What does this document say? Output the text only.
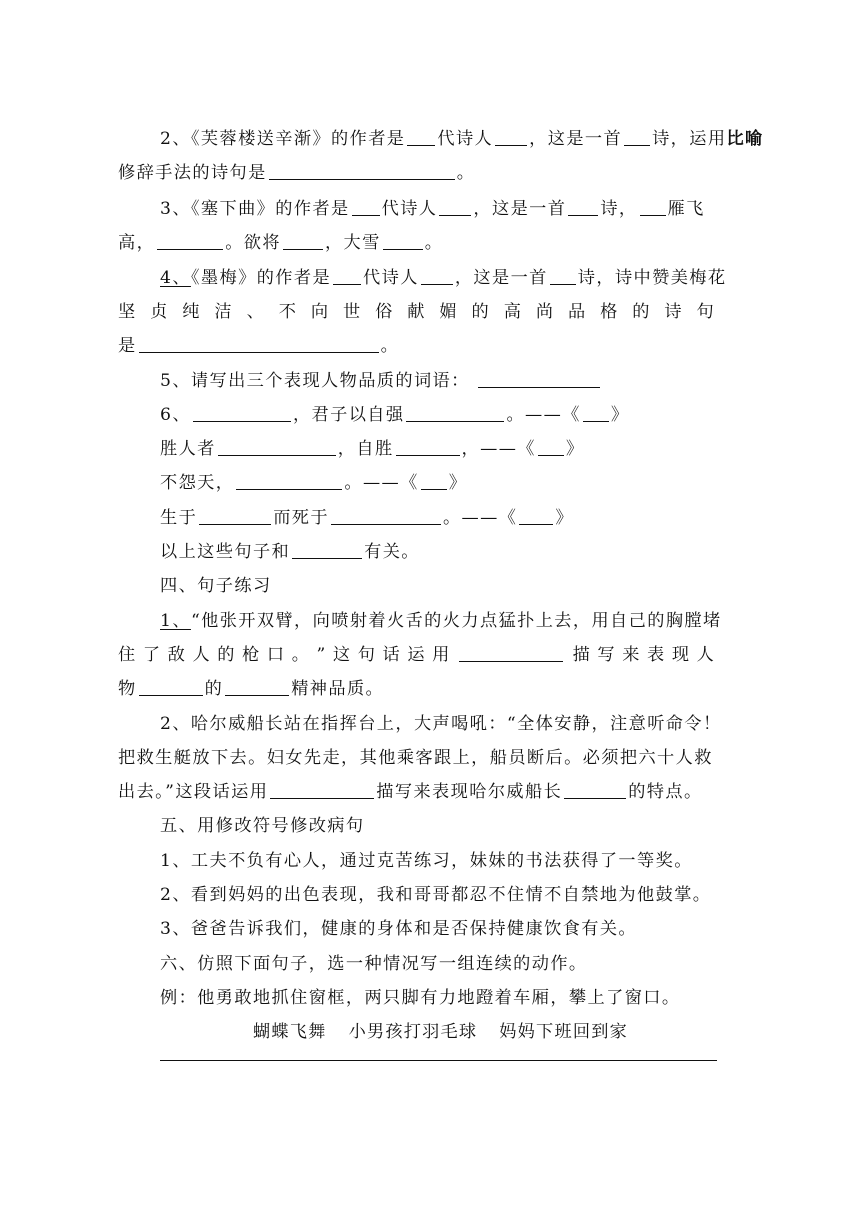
2、《芙蓉楼送辛渐》的作者是 代诗人 ，这是一首 诗，运用比喻
修辞手法的诗句是	。
3、《塞下曲》的作者是 代诗人 ，这是一首 诗， 雁飞
高，	。欲将	，大雪	。
4、《墨梅》的作者是 代诗人 ，这是一首 诗，诗中赞美梅花
坚 贞 纯 洁 、 不 向 世 俗 献 媚 的 高 尚 品 格 的 诗 句
是	。
5、请写出三个表现人物品质的词语：
6、	，君子以自强	。——《 》
胜人者	，自胜	，——《 》
不怨天，	。——《 》
生于	而死于	。——《 》
以上这些句子和	有关。
四、句子练习
1、“他张开双臂，向喷射着火舌的火力点猛扑上去，用自己的胸膛堵
住 了 敌 人 的 枪 口 。 ” 这 句 话 运 用	描 写 来 表 现 人
物	的	精神品质。
2、哈尔威船长站在指挥台上，大声喝吼：“全体安静，注意听命令！
把救生艇放下去。妇女先走，其他乘客跟上，船员断后。必须把六十人救
出去。”这段话运用	描写来表现哈尔威船长	的特点。
五、用修改符号修改病句
1、工夫不负有心人，通过克苦练习，妹妹的书法获得了一等奖。
2、看到妈妈的出色表现，我和哥哥都忍不住情不自禁地为他鼓掌。
3、爸爸告诉我们，健康的身体和是否保持健康饮食有关。
六、仿照下面句子，选一种情况写一组连续的动作。
例：他勇敢地抓住窗框，两只脚有力地蹬着车厢，攀上了窗口。
蝴蝶飞舞 小男孩打羽毛球 妈妈下班回到家
